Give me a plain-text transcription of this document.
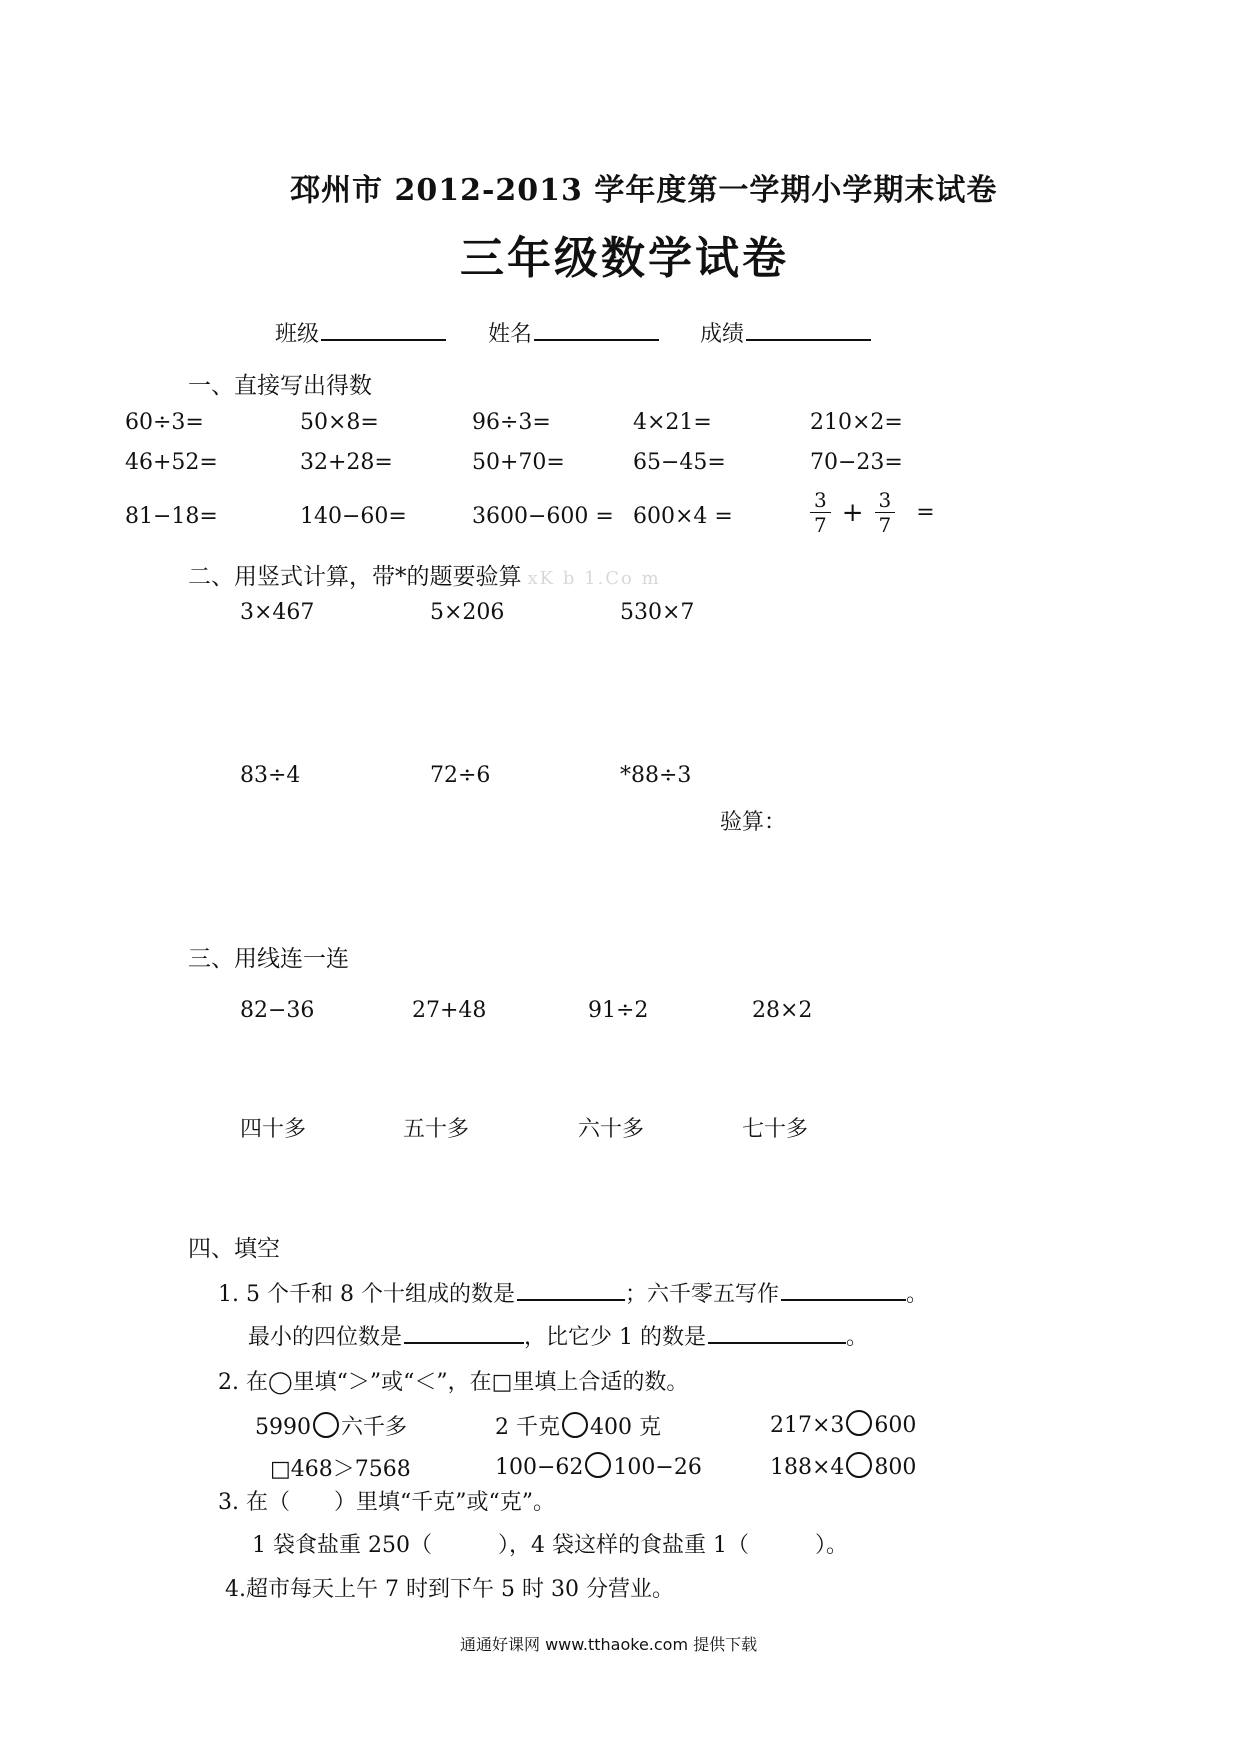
邳州市 2012-2013 学年度第一学期小学期末试卷
三年级数学试卷
班级	姓名	成绩
一、直接写出得数
60÷3=	50×8=	96÷3=	4×21=	210×2=
46+52=	32+28=	50+70=	65−45=	70−23=
81−18=	140−60=	3600−600 = 600×4 =	$\frac{3}{7} + \frac{3}{7}$ =
二、用竖式计算，带*的题要验算 xK b 1.Co m
3×467	5×206	530×7
83÷4	72÷6	*88÷3
验算：
三、用线连一连
82−36	27+48	91÷2	28×2
四十多	五十多	六十多	七十多
四、填空
1. 5 个千和 8 个十组成的数是	；六千零五写作	。
最小的四位数是	，比它少 1 的数是	。
2. 在◯里填“＞”或“＜”，在□里填上合适的数。
5990 六千多	2 千克 400 克	217×3 600
□468＞7568	100−62 100−26	188×4 800
3. 在（　　）里填“千克”或“克”。
1 袋食盐重 250（　　　），4 袋这样的食盐重 1（　　　）。
4.超市每天上午 7 时到下午 5 时 30 分营业。
通通好课网 www.tthaoke.com 提供下载
